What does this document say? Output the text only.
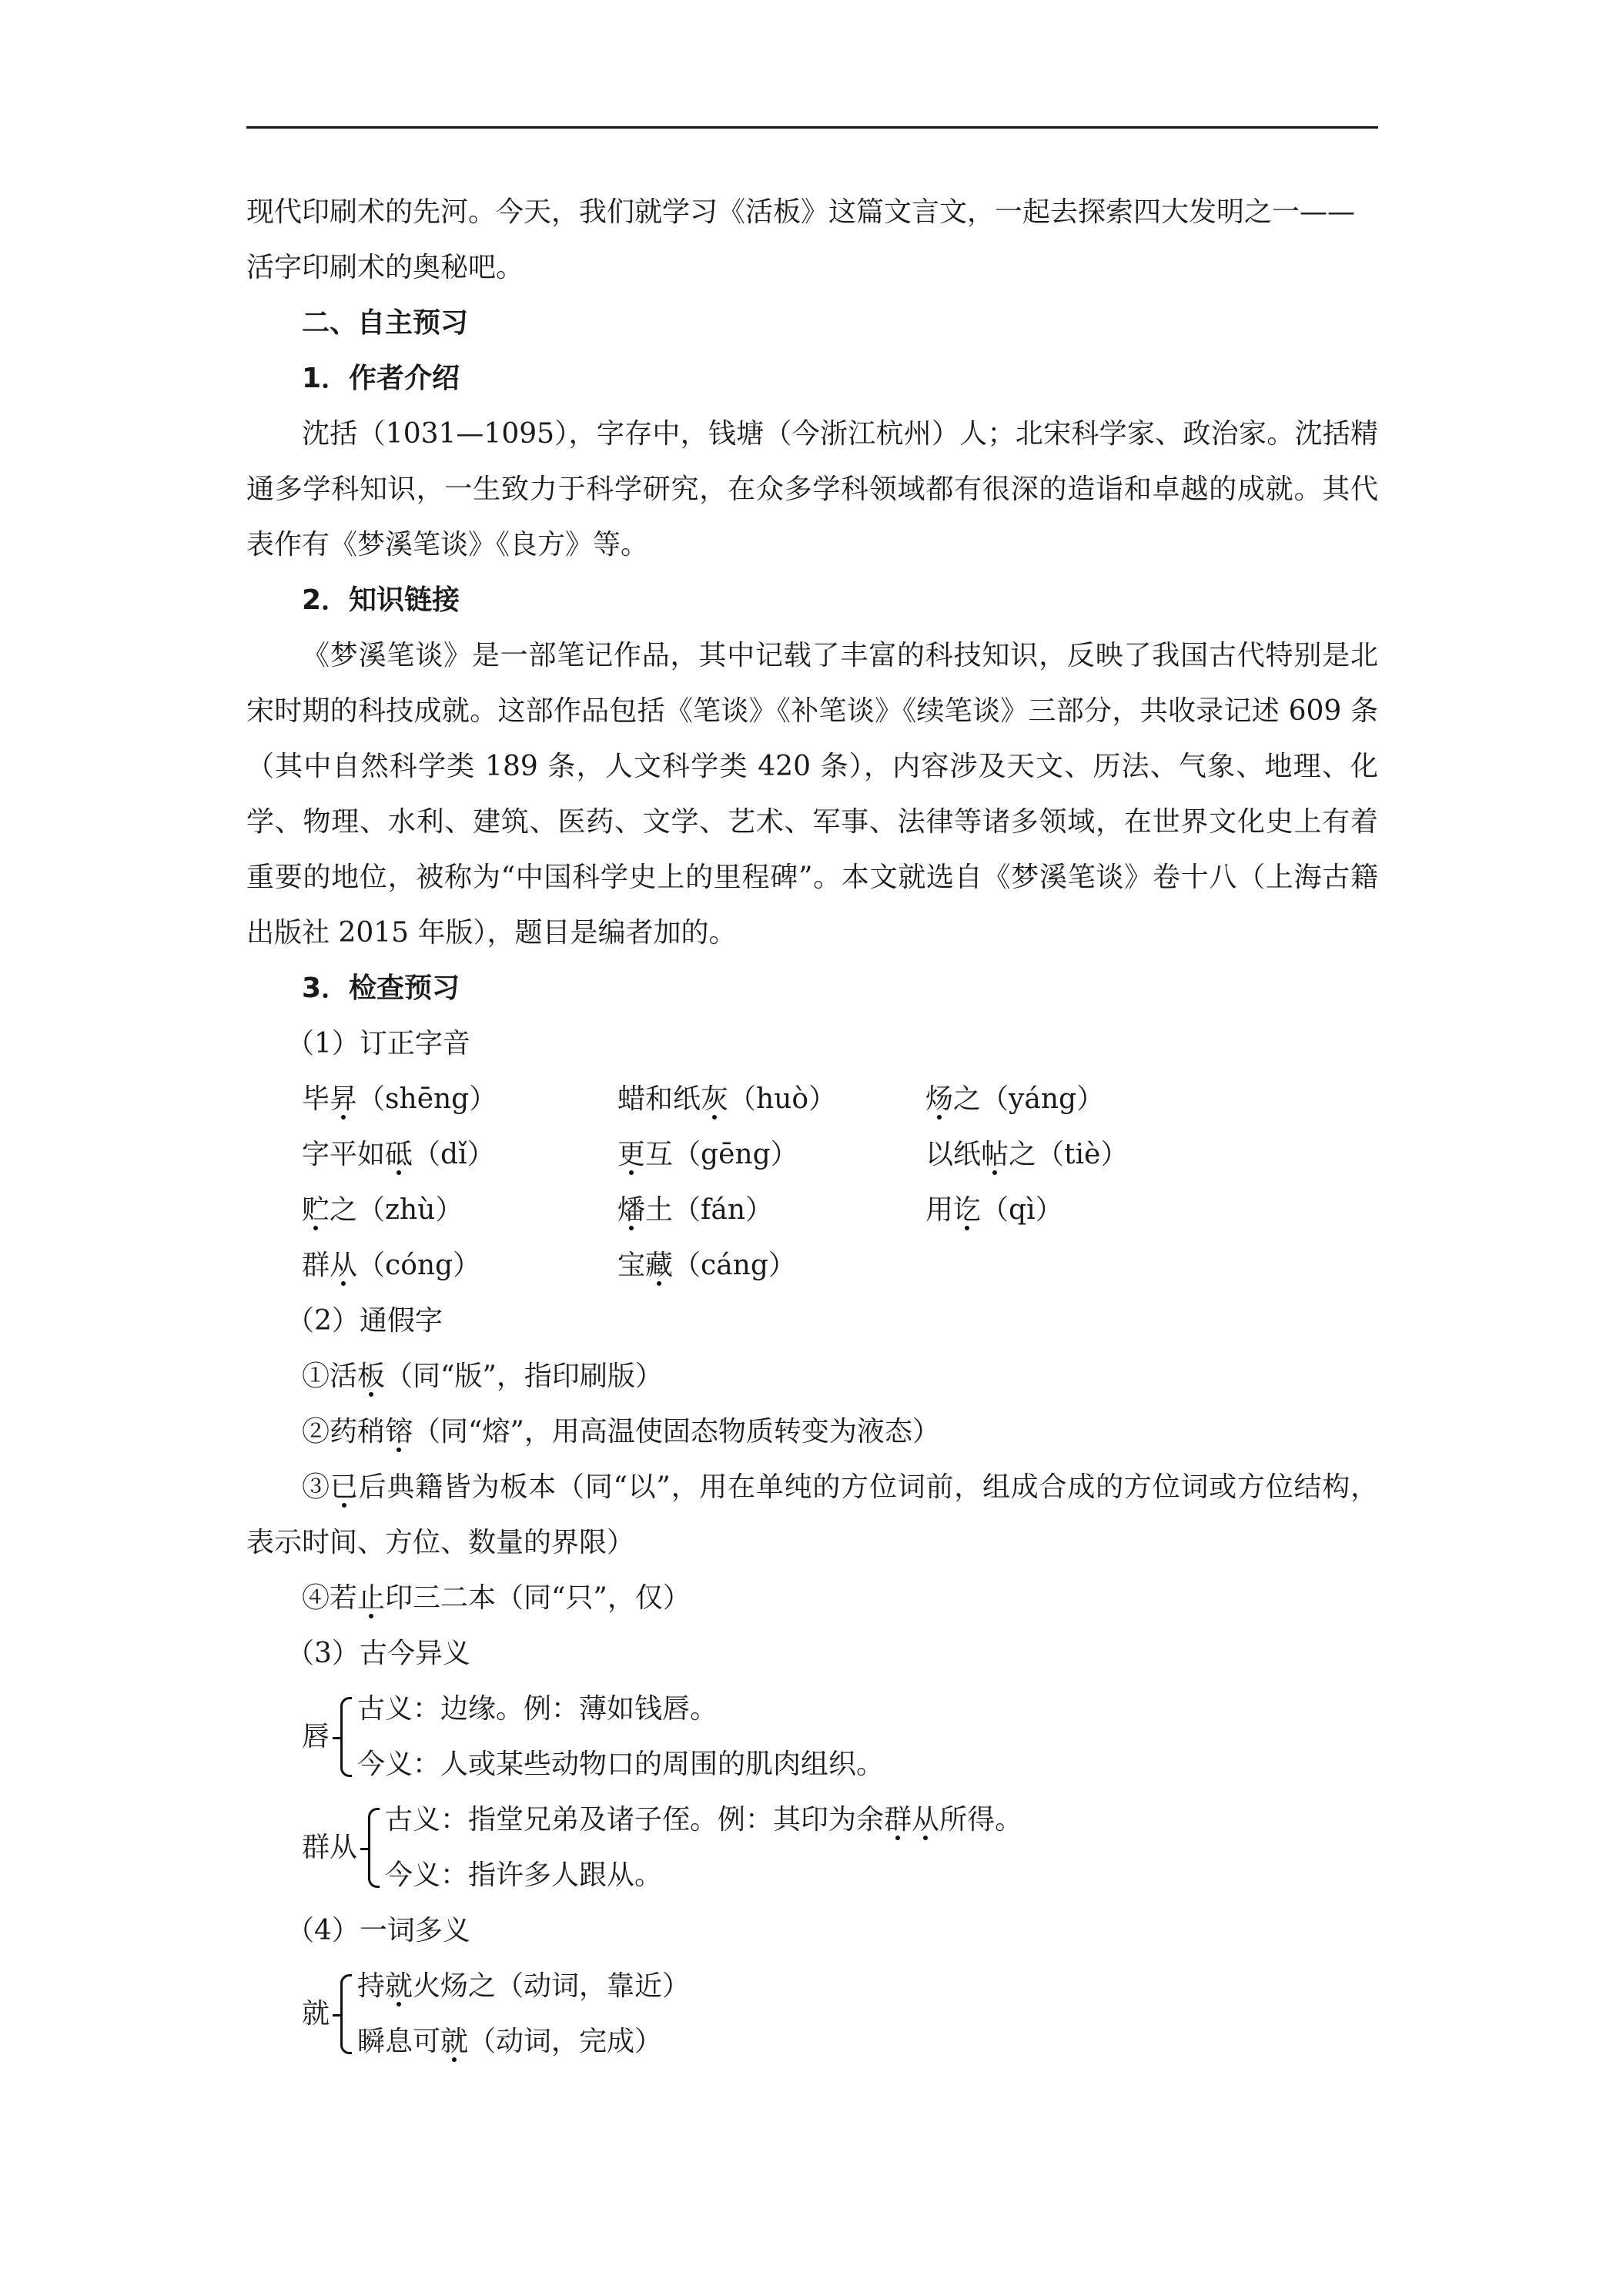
现代印刷术的先河。今天，我们就学习《活板》这篇文言文，一起去探索四大发明之一——

活字印刷术的奥秘吧。

二、自主预习

1．作者介绍

沈括（1031—1095），字存中，钱塘（今浙江杭州）人；北宋科学家、政治家。沈括精通多学科知识，一生致力于科学研究，在众多学科领域都有很深的造诣和卓越的成就。其代表作有《梦溪笔谈》《良方》等。

2．知识链接

《梦溪笔谈》是一部笔记作品，其中记载了丰富的科技知识，反映了我国古代特别是北宋时期的科技成就。这部作品包括《笔谈》《补笔谈》《续笔谈》三部分，共收录记述 609 条（其中自然科学类 189 条，人文科学类 420 条），内容涉及天文、历法、气象、地理、化学、物理、水利、建筑、医药、文学、艺术、军事、法律等诸多领域，在世界文化史上有着重要的地位，被称为“中国科学史上的里程碑”。本文就选自《梦溪笔谈》卷十八（上海古籍出版社 2015 年版），题目是编者加的。

3．检查预习

（1）订正字音

毕昇（shēng）	蜡和纸灰（huò）	炀之（yáng）
字平如砥（dǐ）	更互（gēng）	以纸帖之（tiè）
贮之（zhù）	燔土（fán）	用讫（qì）
群从（cóng）	宝藏（cáng）

（2）通假字

①活板（同“版”，指印刷版）

②药稍镕（同“熔”，用高温使固态物质转变为液态）

③已后典籍皆为板本（同“以”，用在单纯的方位词前，组成合成的方位词或方位结构，表示时间、方位、数量的界限）

④若止印三二本（同“只”，仅）

（3）古今异义

唇
古义：边缘。例：薄如钱唇。
今义：人或某些动物口的周围的肌肉组织。
群从
古义：指堂兄弟及诸子侄。例：其印为余群从所得。
今义：指许多人跟从。

（4）一词多义

就
持就火炀之（动词，靠近）
瞬息可就（动词，完成）
